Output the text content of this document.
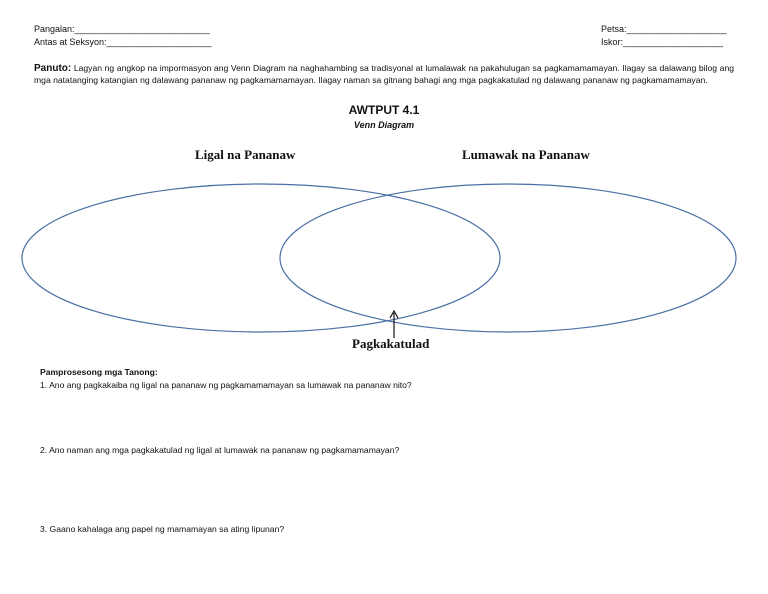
Pangalan:___________________________
Antas at Seksyon:_____________________
Petsa:____________________
Iskor:____________________
Panuto: Lagyan ng angkop na impormasyon ang Venn Diagram na naghahambing sa tradisyonal at lumalawak na pakahulugan sa pagkamamamayan. Ilagay sa dalawang bilog ang mga natatanging katangian ng dalawang pananaw ng pagkamamamayan. Ilagay naman sa gitnang bahagi ang mga pagkakatulad ng dalawang pananaw ng pagkamamamayan.
AWTPUT 4.1
Venn Diagram
Ligal na Pananaw	Lumawak na Pananaw
Pagkakatulad
Pamprosesong mga Tanong:
1. Ano ang pagkakaiba ng ligal na pananaw ng pagkamamamayan sa lumawak na pananaw nito?
2. Ano naman ang mga pagkakatulad ng ligal at lumawak na pananaw ng pagkamamamayan?
3. Gaano kahalaga ang papel ng mamamayan sa ating lipunan?
